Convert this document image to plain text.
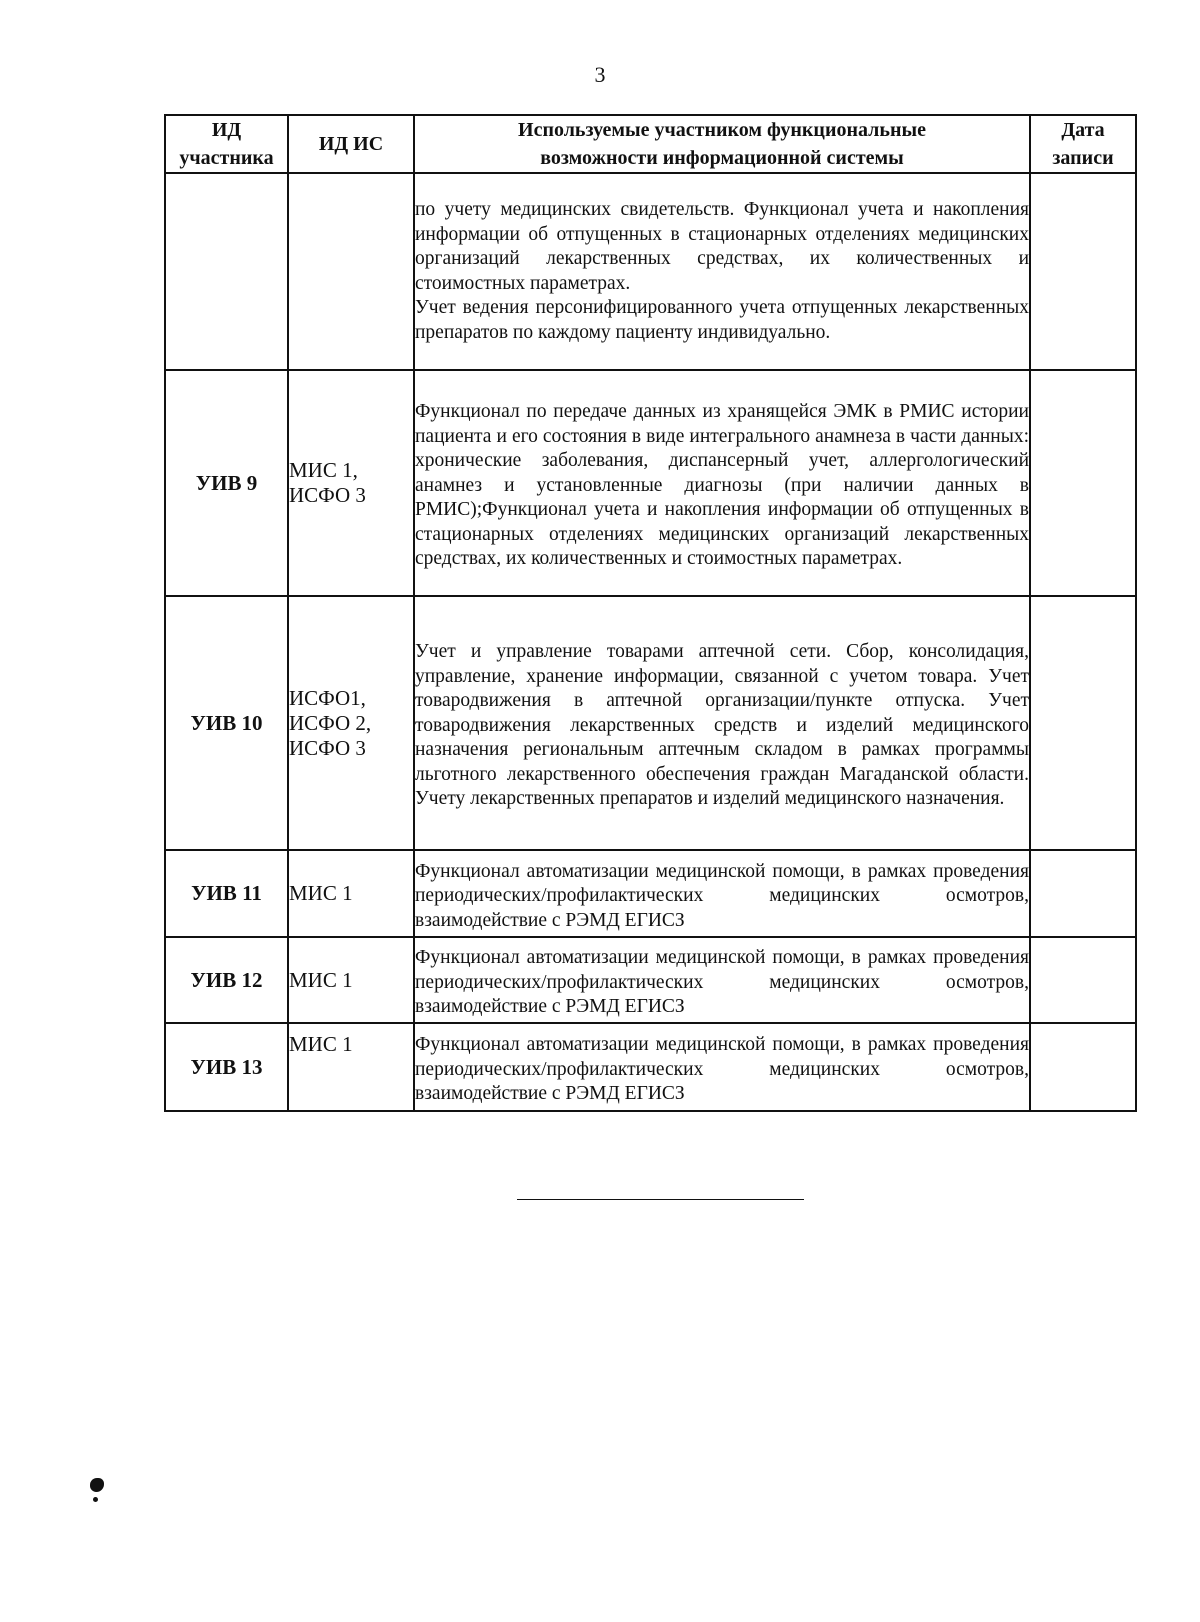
3
ИД участника	ИД ИС	Используемые участником функциональные возможности информационной системы	Дата записи

		по учету медицинских свидетельств. Функционал учета и накопления информации об отпущенных в стационарных отделениях медицинских организаций лекарственных средствах, их количественных и стоимостных параметрах.
Учет ведения персонифицированного учета отпущенных лекарственных препаратов по каждому пациенту индивидуально.	

УИВ 9	МИС 1, ИСФО 3	Функционал по передаче данных из хранящейся ЭМК в РМИС истории пациента и его состояния в виде интегрального анамнеза в части данных: хронические заболевания, диспансерный учет, аллергологический анамнез и установленные диагнозы (при наличии данных в РМИС);Функционал учета и накопления информации об отпущенных в стационарных отделениях медицинских организаций лекарственных средствах, их количественных и стоимостных параметрах.	
УИВ 10	ИСФО1, ИСФО 2, ИСФО 3	Учет и управление товарами аптечной сети. Сбор, консолидация, управление, хранение информации, связанной с учетом товара. Учет товародвижения в аптечной организации/пункте отпуска. Учет товародвижения лекарственных средств и изделий медицинского назначения региональным аптечным складом в рамках программы льготного лекарственного обеспечения граждан Магаданской области. Учету лекарственных препаратов и изделий медицинского назначения.	
УИВ 11	МИС 1	Функционал автоматизации медицинской помощи, в рамках проведения периодических/профилактических медицинских осмотров, взаимодействие с РЭМД ЕГИСЗ	
УИВ 12	МИС 1	Функционал автоматизации медицинской помощи, в рамках проведения периодических/профилактических медицинских осмотров, взаимодействие с РЭМД ЕГИСЗ	
УИВ 13	МИС 1	Функционал автоматизации медицинской помощи, в рамках проведения периодических/профилактических медицинских осмотров, взаимодействие с РЭМД ЕГИСЗ	
